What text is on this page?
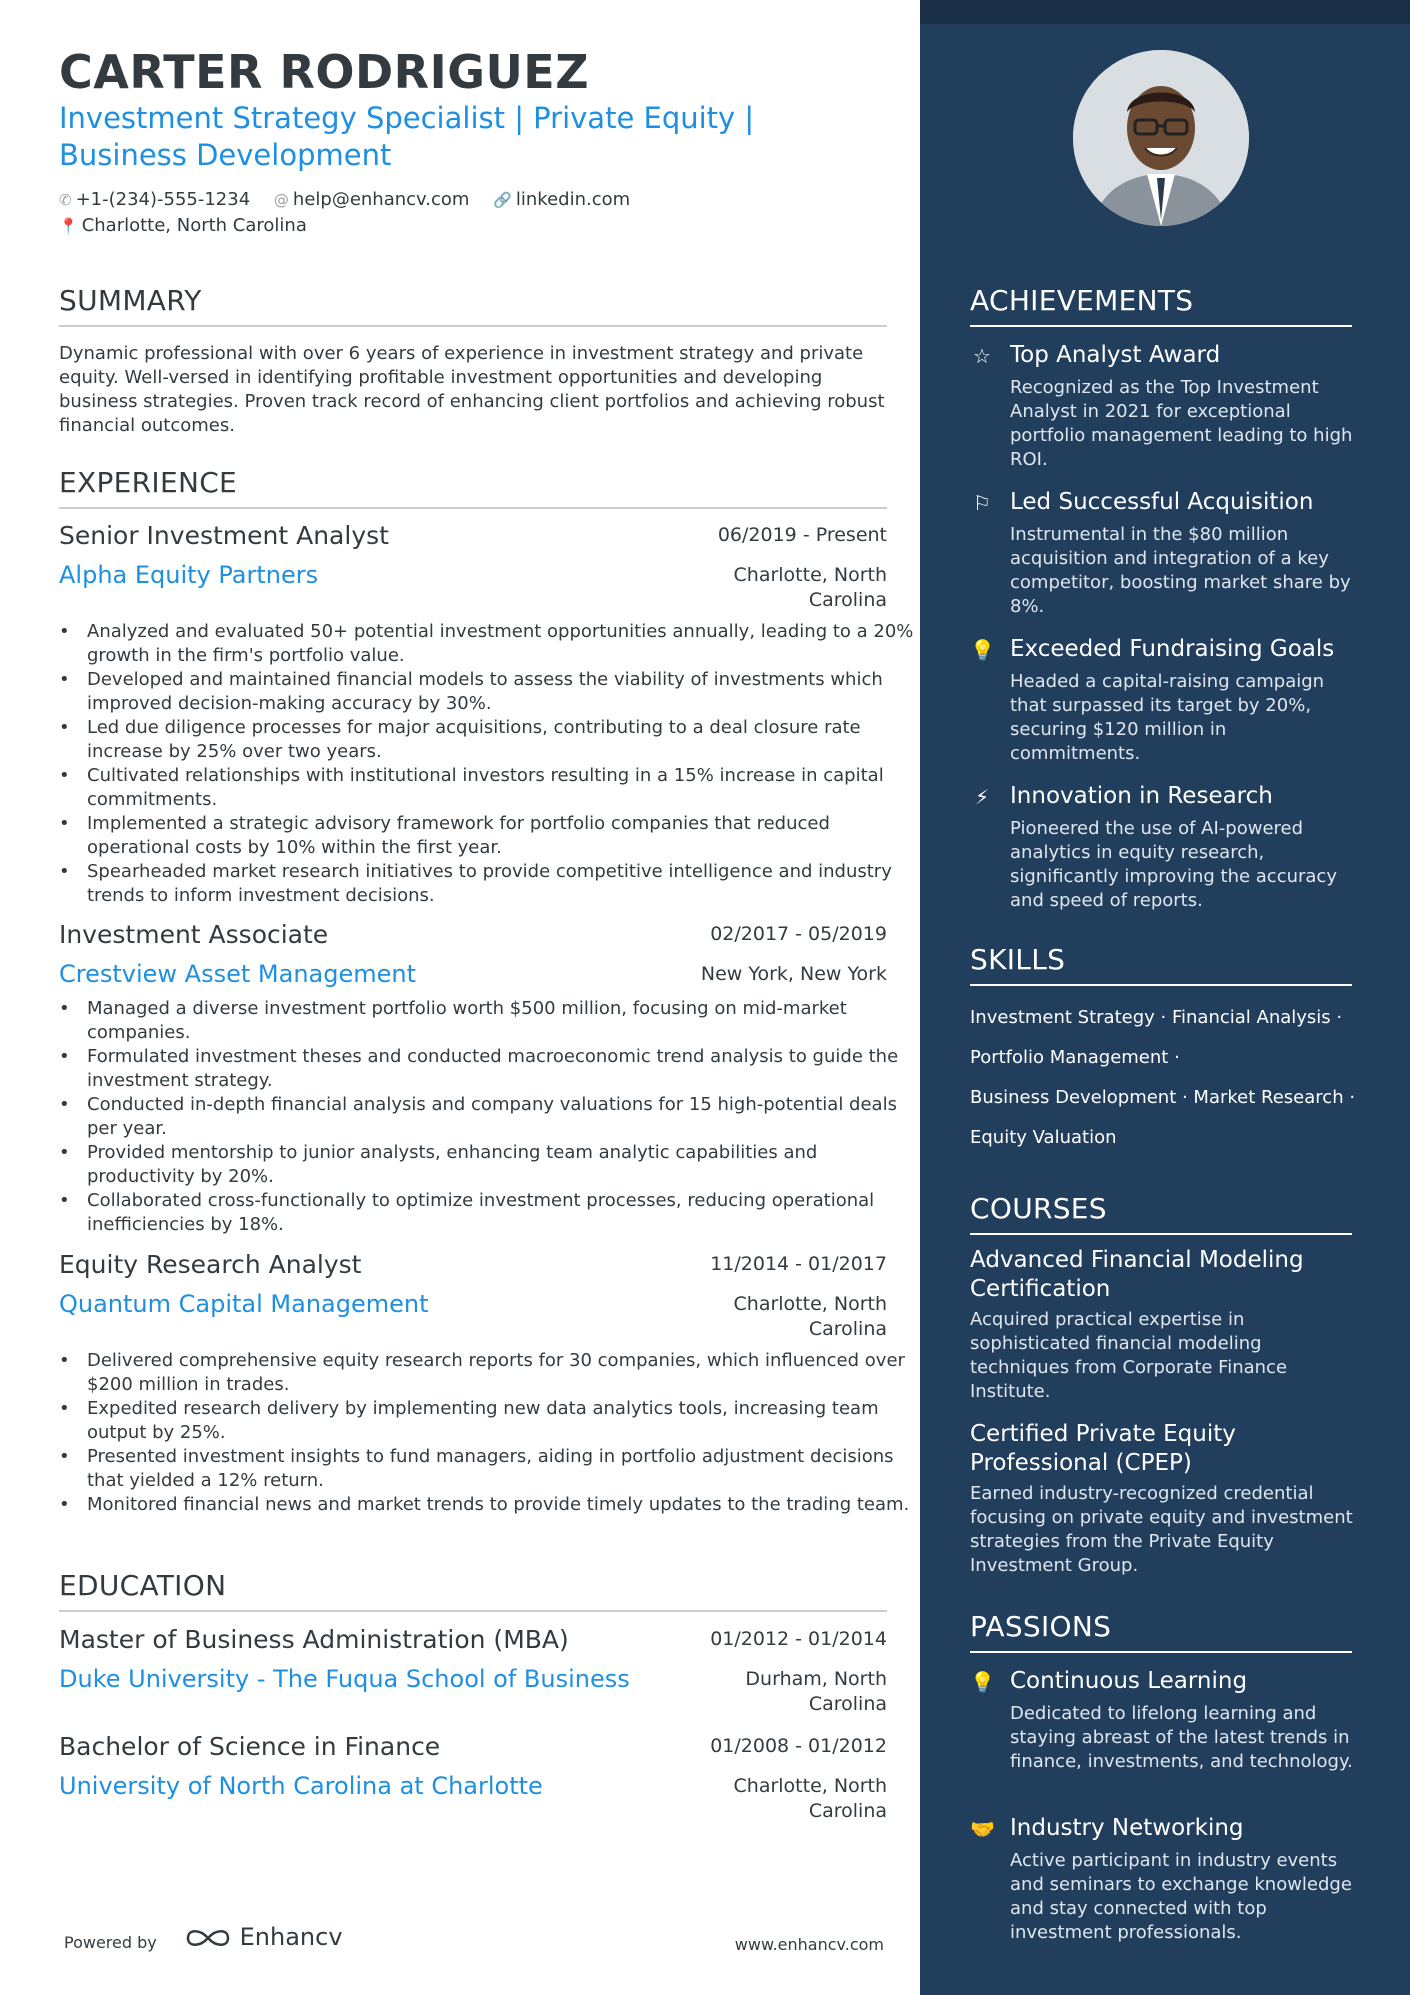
CARTER RODRIGUEZ
Investment Strategy Specialist | Private Equity | Business Development
✆ +1-(234)-555-1234 @ help@enhancv.com 🔗 linkedin.com
📍 Charlotte, North Carolina
SUMMARY
Dynamic professional with over 6 years of experience in investment strategy and private equity. Well-versed in identifying profitable investment opportunities and developing business strategies. Proven track record of enhancing client portfolios and achieving robust financial outcomes.
EXPERIENCE
Senior Investment Analyst	06/2019 - Present
Alpha Equity Partners	Charlotte, North
Carolina
• Analyzed and evaluated 50+ potential investment opportunities annually, leading to a 20% growth in the firm's portfolio value.
• Developed and maintained financial models to assess the viability of investments which improved decision-making accuracy by 30%.
• Led due diligence processes for major acquisitions, contributing to a deal closure rate increase by 25% over two years.
• Cultivated relationships with institutional investors resulting in a 15% increase in capital commitments.
• Implemented a strategic advisory framework for portfolio companies that reduced operational costs by 10% within the first year.
• Spearheaded market research initiatives to provide competitive intelligence and industry trends to inform investment decisions.
Investment Associate	02/2017 - 05/2019
Crestview Asset Management	New York, New York
• Managed a diverse investment portfolio worth $500 million, focusing on mid-market companies.
• Formulated investment theses and conducted macroeconomic trend analysis to guide the investment strategy.
• Conducted in-depth financial analysis and company valuations for 15 high-potential deals per year.
• Provided mentorship to junior analysts, enhancing team analytic capabilities and productivity by 20%.
• Collaborated cross-functionally to optimize investment processes, reducing operational inefficiencies by 18%.
Equity Research Analyst	11/2014 - 01/2017
Quantum Capital Management	Charlotte, North
Carolina
• Delivered comprehensive equity research reports for 30 companies, which influenced over $200 million in trades.
• Expedited research delivery by implementing new data analytics tools, increasing team output by 25%.
• Presented investment insights to fund managers, aiding in portfolio adjustment decisions that yielded a 12% return.
• Monitored financial news and market trends to provide timely updates to the trading team.
EDUCATION
Master of Business Administration (MBA)	01/2012 - 01/2014
Duke University - The Fuqua School of Business	Durham, North
Carolina
Bachelor of Science in Finance	01/2008 - 01/2012
University of North Carolina at Charlotte	Charlotte, North
Carolina
Powered by	Enhancv	www.enhancv.com
ACHIEVEMENTS
☆ Top Analyst Award
Recognized as the Top Investment Analyst in 2021 for exceptional portfolio management leading to high ROI.
⚐ Led Successful Acquisition
Instrumental in the $80 million acquisition and integration of a key competitor, boosting market share by 8%.
💡 Exceeded Fundraising Goals
Headed a capital-raising campaign that surpassed its target by 20%, securing $120 million in commitments.
⚡ Innovation in Research
Pioneered the use of AI-powered analytics in equity research, significantly improving the accuracy and speed of reports.
SKILLS
Investment Strategy · Financial Analysis ·
Portfolio Management ·
Business Development · Market Research ·
Equity Valuation
COURSES
Advanced Financial Modeling Certification
Acquired practical expertise in sophisticated financial modeling techniques from Corporate Finance Institute.
Certified Private Equity Professional (CPEP)
Earned industry-recognized credential focusing on private equity and investment strategies from the Private Equity Investment Group.
PASSIONS
💡 Continuous Learning
Dedicated to lifelong learning and staying abreast of the latest trends in finance, investments, and technology.
🤝 Industry Networking
Active participant in industry events and seminars to exchange knowledge and stay connected with top investment professionals.
